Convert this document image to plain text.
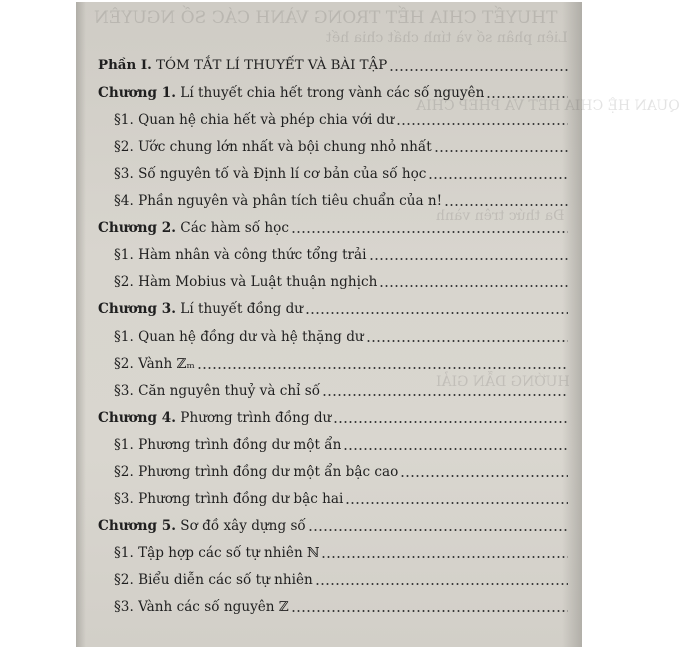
QUAN
Phần I. TÓM TẮT LÍ THUYẾT VÀ BÀI TẬP
Chương 1. Lí thuyết chia hết trong vành các số nguyên
§1. Quan hệ chia hết và phép chia với dư
§2. Ước chung lớn nhất và bội chung nhỏ nhất
§3. Số nguyên tố và Định lí cơ bản của số học
§4. Phần nguyên và phân tích tiêu chuẩn của n!
Chương 2. Các hàm số học
§1. Hàm nhân và công thức tổng trải
§2. Hàm Mobius và Luật thuận nghịch
Chương 3. Lí thuyết đồng dư
§1. Quan hệ đồng dư và hệ thặng dư
§2. Vành ℤₘ
§3. Căn nguyên thuỷ và chỉ số
Chương 4. Phương trình đồng dư
§1. Phương trình đồng dư một ẩn
§2. Phương trình đồng dư một ẩn bậc cao
§3. Phương trình đồng dư bậc hai
Chương 5. Sơ đồ xây dựng số
§1. Tập hợp các số tự nhiên ℕ
§2. Biểu diễn các số tự nhiên
§3. Vành các số nguyên ℤ
